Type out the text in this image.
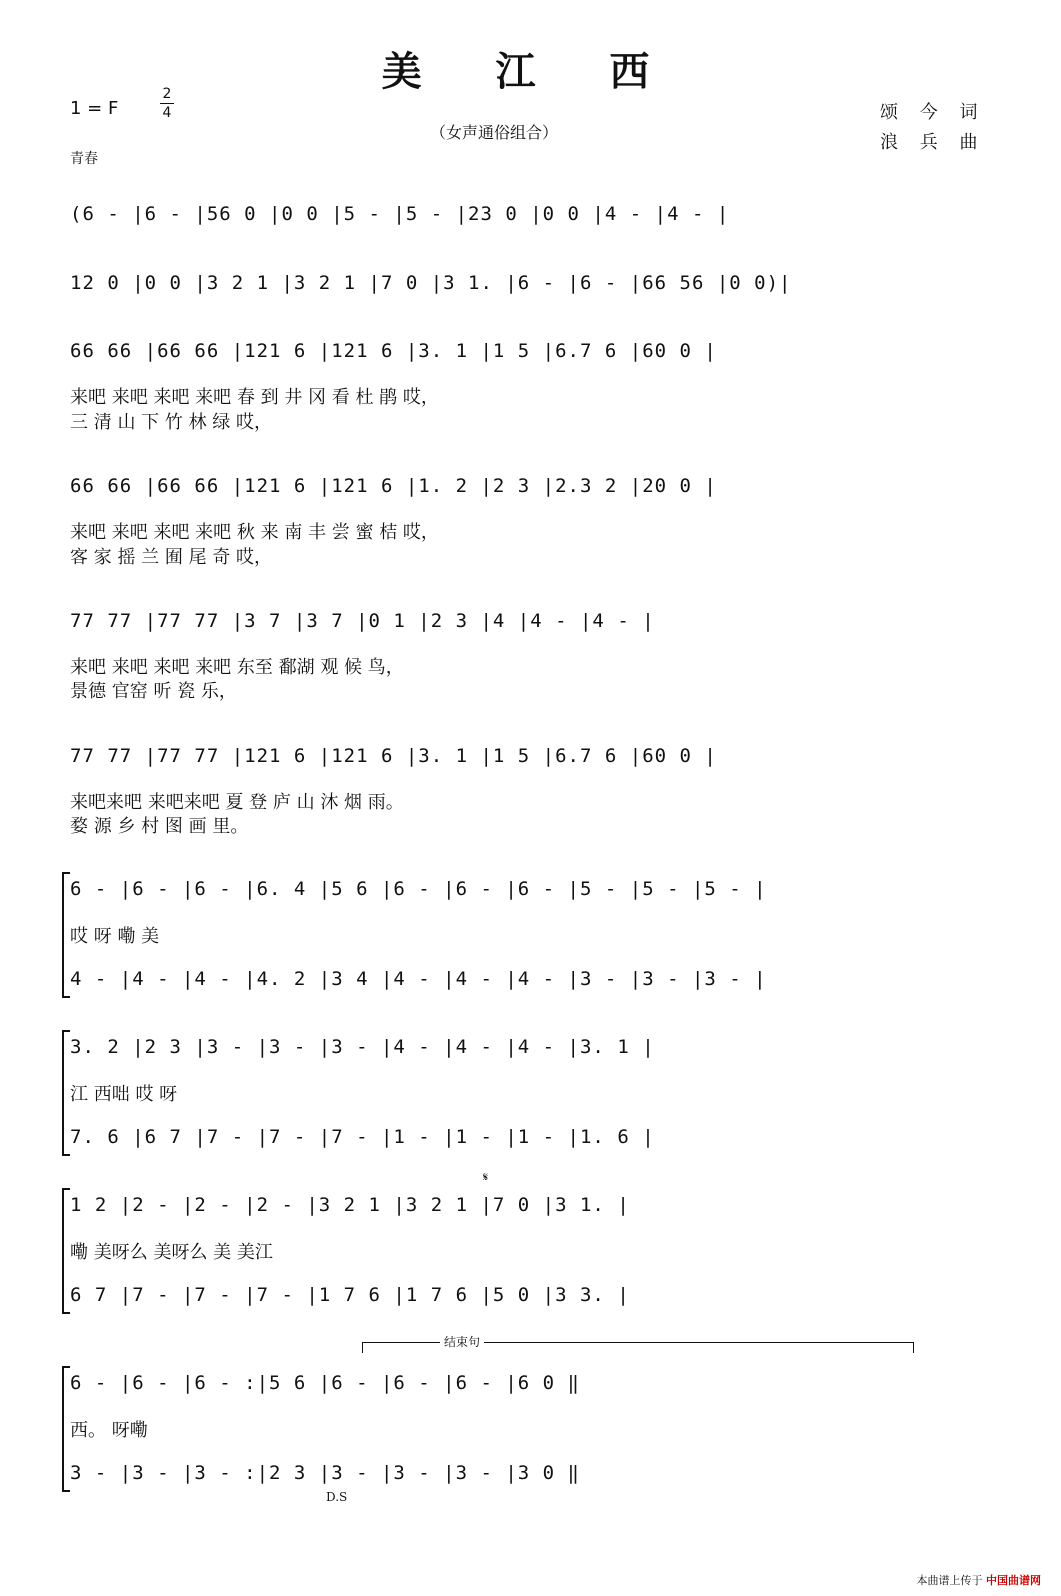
美 江 西
1 = F
2
4
（女声通俗组合）
青春
颂 今 词
浪 兵 曲
(6 - |6 - |56 0 |0 0 |5 - |5 - |23 0 |0 0 |4 - |4 - |
12 0 |0 0 |3 2 1 |3 2 1 |7 0 |3 1. |6 - |6 - |66 56 |0 0)|
66 66 |66 66 |121 6 |121 6 |3. 1 |1 5 |6.7 6 |60 0 |
来吧 来吧 来吧 来吧 春 到 井 冈 看 杜 鹃 哎，
三 清 山 下 竹 林 绿 哎，
66 66 |66 66 |121 6 |121 6 |1. 2 |2 3 |2.3 2 |20 0 |
来吧 来吧 来吧 来吧 秋 来 南 丰 尝 蜜 桔 哎，
客 家 摇 兰 囿 尾 奇 哎，
77 77 |77 77 |3 7 |3 7 |0 1 |2 3 |4 |4 - |4 - |
来吧 来吧 来吧 来吧 东至 鄱湖 观 候 鸟，
景德 官窑 听 瓷 乐，
77 77 |77 77 |121 6 |121 6 |3. 1 |1 5 |6.7 6 |60 0 |
来吧来吧 来吧来吧 夏 登 庐 山 沐 烟 雨。
婺 源 乡 村 图 画 里。
6 - |6 - |6 - |6. 4 |5 6 |6 - |6 - |6 - |5 - |5 - |5 - |
哎 呀 嘞 美
4 - |4 - |4 - |4. 2 |3 4 |4 - |4 - |4 - |3 - |3 - |3 - |
3. 2 |2 3 |3 - |3 - |3 - |4 - |4 - |4 - |3. 1 |
江 西咄 哎 呀
7. 6 |6 7 |7 - |7 - |7 - |1 - |1 - |1 - |1. 6 |
𝄋
1 2 |2 - |2 - |2 - |3 2 1 |3 2 1 |7 0 |3 1. |
嘞 美呀么 美呀么 美 美江
6 7 |7 - |7 - |7 - |1 7 6 |1 7 6 |5 0 |3 3. |
结束句
6 - |6 - |6 - :|5 6 |6 - |6 - |6 - |6 0 ‖
西。 呀嘞
3 - |3 - |3 - :|2 3 |3 - |3 - |3 - |3 0 ‖
D.S
本曲谱上传于 中国曲谱网
